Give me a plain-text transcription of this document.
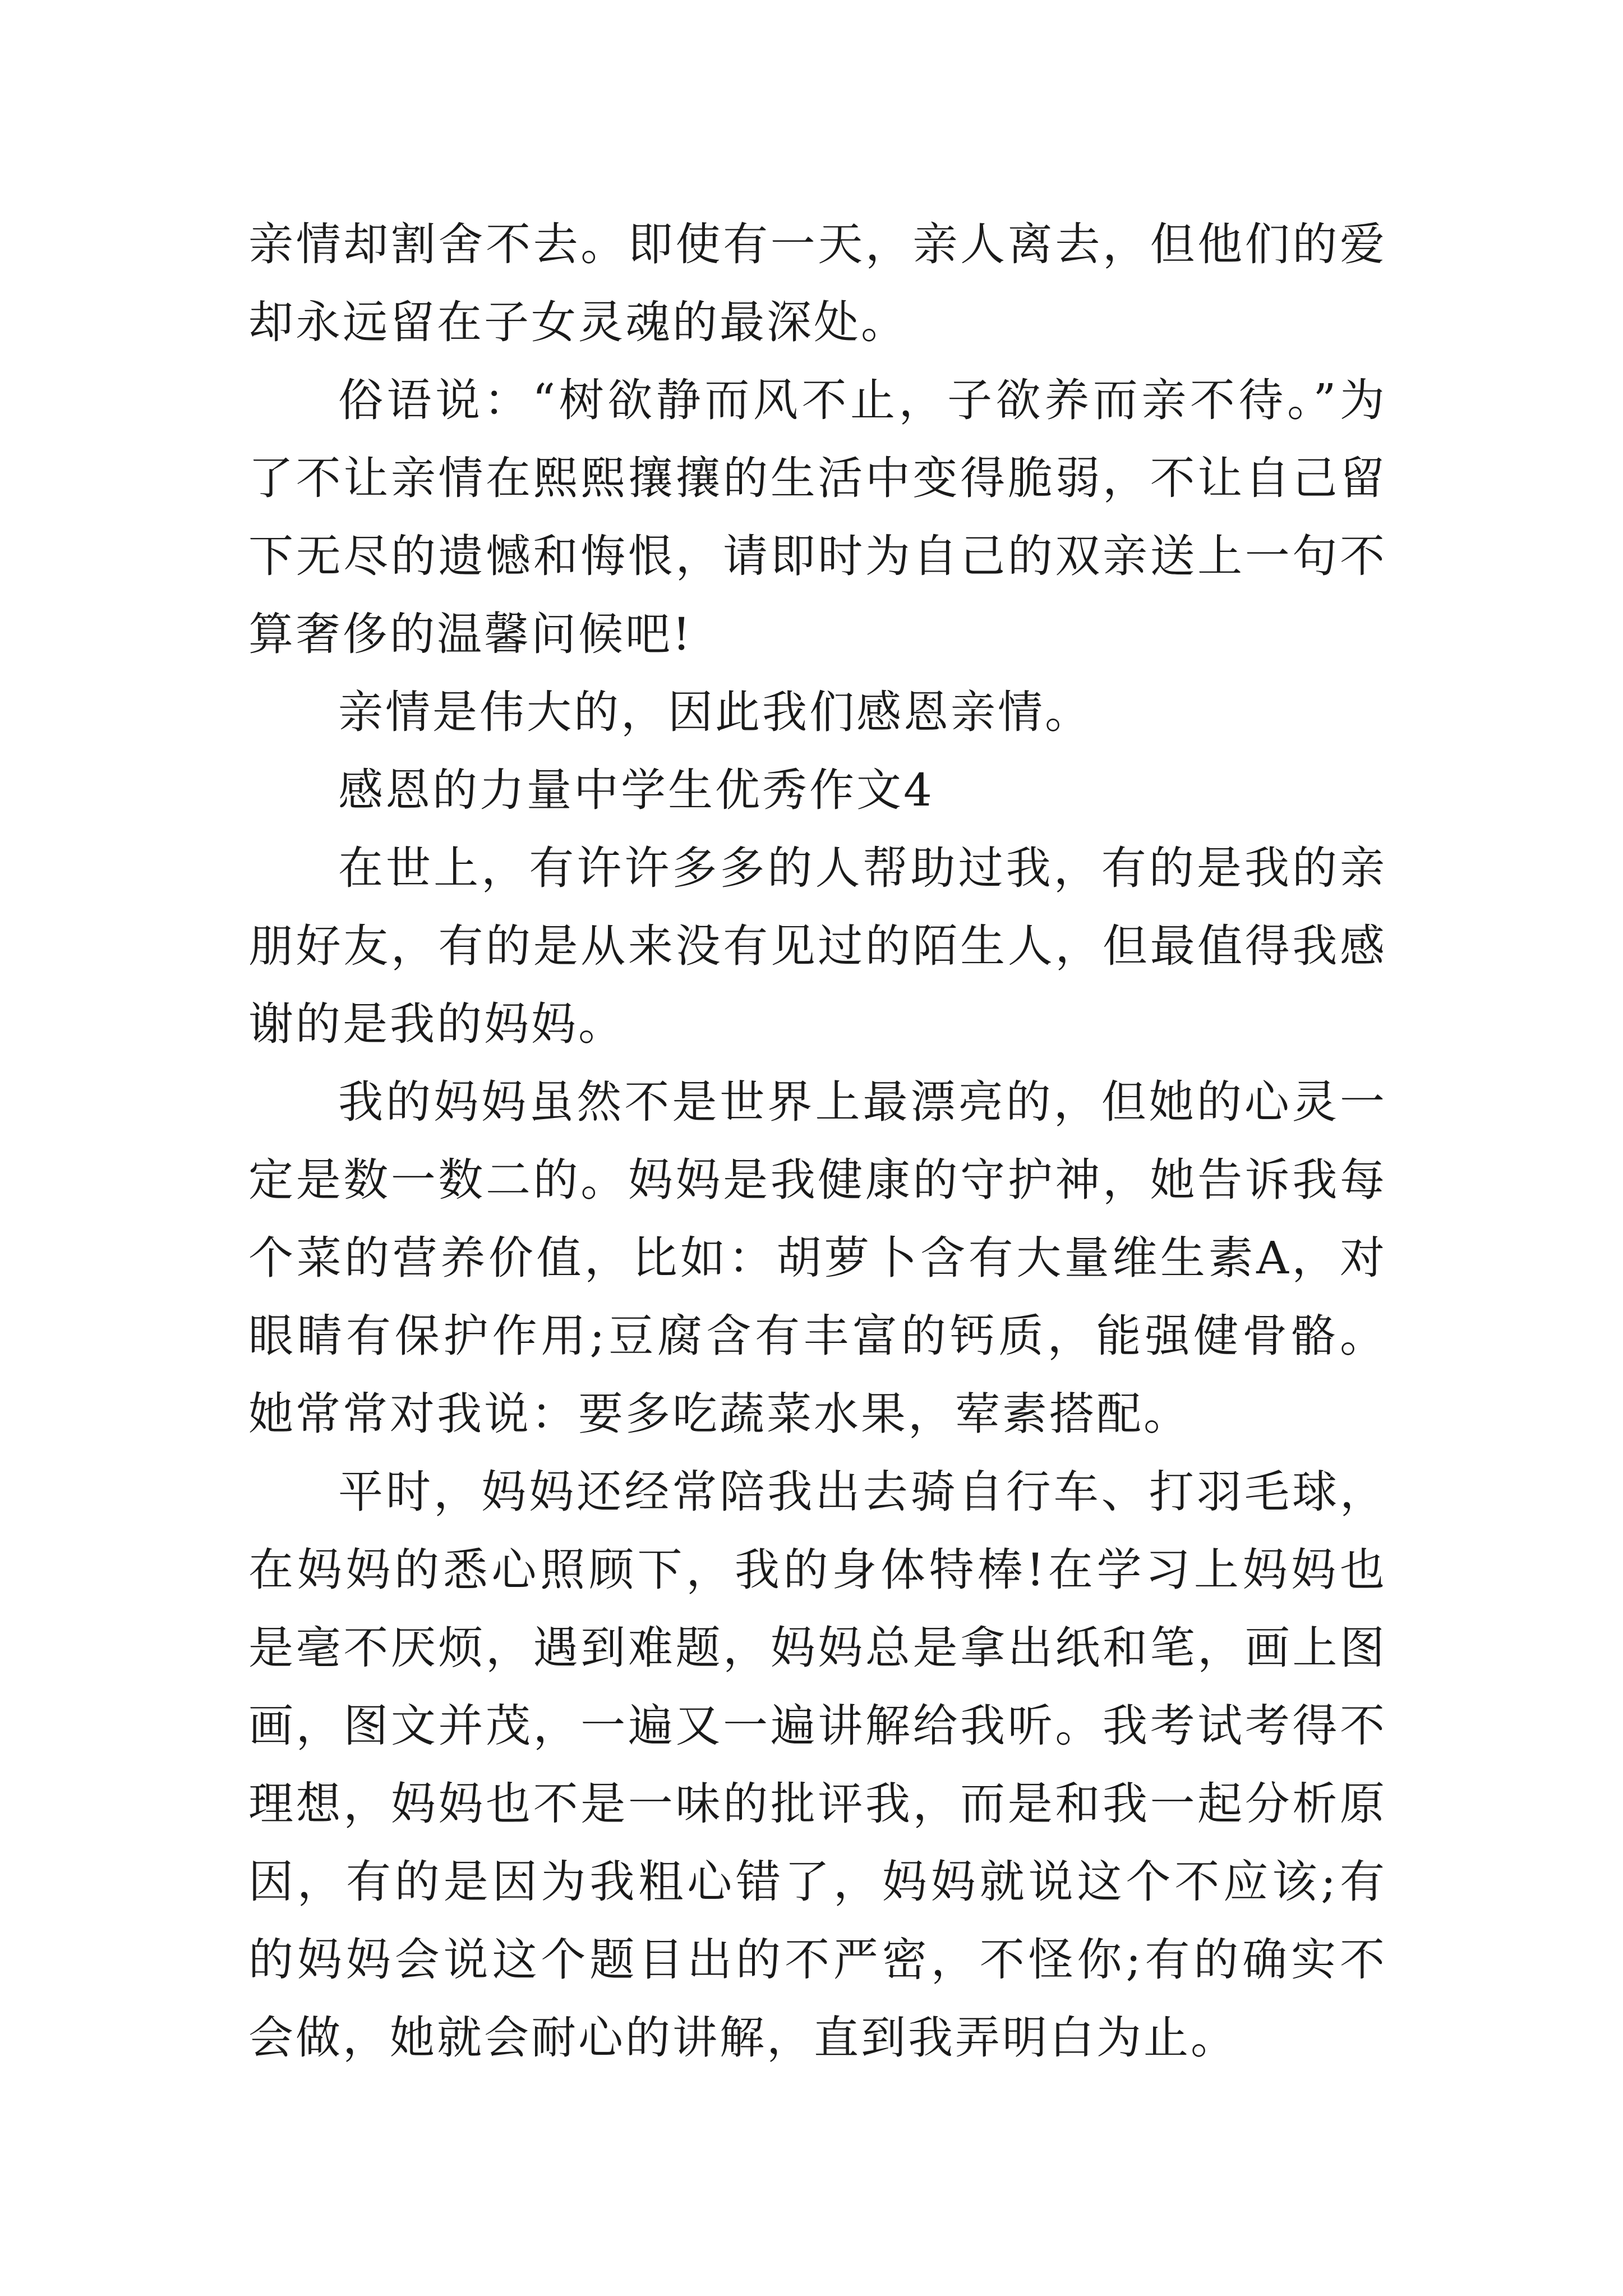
亲情却割舍不去。即使有一天，亲人离去，但他们的爱却永远留在子女灵魂的最深处。

俗语说：“树欲静而风不止，子欲养而亲不待。”为了不让亲情在熙熙攘攘的生活中变得脆弱，不让自己留下无尽的遗憾和悔恨，请即时为自己的双亲送上一句不算奢侈的温馨问候吧!

亲情是伟大的，因此我们感恩亲情。

感恩的力量中学生优秀作文4

在世上，有许许多多的人帮助过我，有的是我的亲朋好友，有的是从来没有见过的陌生人，但最值得我感谢的是我的妈妈。

我的妈妈虽然不是世界上最漂亮的，但她的心灵一定是数一数二的。妈妈是我健康的守护神，她告诉我每个菜的营养价值，比如：胡萝卜含有大量维生素A，对眼睛有保护作用;豆腐含有丰富的钙质，能强健骨骼。她常常对我说：要多吃蔬菜水果，荤素搭配。

平时，妈妈还经常陪我出去骑自行车、打羽毛球，在妈妈的悉心照顾下，我的身体特棒!在学习上妈妈也是毫不厌烦，遇到难题，妈妈总是拿出纸和笔，画上图画，图文并茂，一遍又一遍讲解给我听。我考试考得不理想，妈妈也不是一味的批评我，而是和我一起分析原因，有的是因为我粗心错了，妈妈就说这个不应该;有的妈妈会说这个题目出的不严密，不怪你;有的确实不会做，她就会耐心的讲解，直到我弄明白为止。
